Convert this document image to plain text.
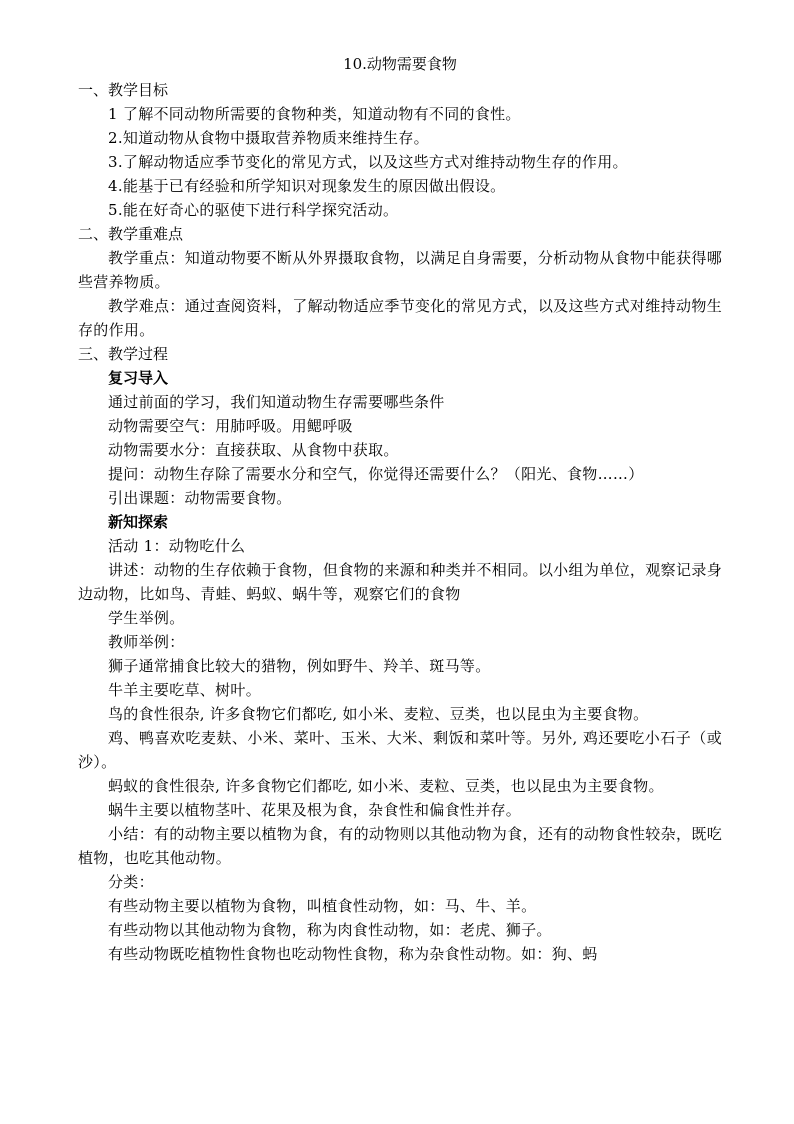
10.动物需要食物

一、教学目标

1 了解不同动物所需要的食物种类，知道动物有不同的食性。

2.知道动物从食物中摄取营养物质来维持生存。

3.了解动物适应季节变化的常见方式，以及这些方式对维持动物生存的作用。

4.能基于已有经验和所学知识对现象发生的原因做出假设。

5.能在好奇心的驱使下进行科学探究活动。

二、教学重难点

教学重点：知道动物要不断从外界摄取食物，以满足自身需要，分析动物从食物中能获得哪些营养物质。

教学难点：通过查阅资料，了解动物适应季节变化的常见方式，以及这些方式对维持动物生存的作用。

三、教学过程

复习导入

通过前面的学习，我们知道动物生存需要哪些条件

动物需要空气：用肺呼吸。用鳃呼吸

动物需要水分：直接获取、从食物中获取。

提问：动物生存除了需要水分和空气，你觉得还需要什么？（阳光、食物……）

引出课题：动物需要食物。

新知探索

活动 1：动物吃什么

讲述：动物的生存依赖于食物，但食物的来源和种类并不相同。以小组为单位，观察记录身边动物，比如鸟、青蛙、蚂蚁、蜗牛等，观察它们的食物

学生举例。

教师举例：

狮子通常捕食比较大的猎物，例如野牛、羚羊、斑马等。

牛羊主要吃草、树叶。

鸟的食性很杂, 许多食物它们都吃, 如小米、麦粒、豆类，也以昆虫为主要食物。

鸡、鸭喜欢吃麦麸、小米、菜叶、玉米、大米、剩饭和菜叶等。另外, 鸡还要吃小石子（或沙）。

蚂蚁的食性很杂, 许多食物它们都吃, 如小米、麦粒、豆类，也以昆虫为主要食物。

蜗牛主要以植物茎叶、花果及根为食，杂食性和偏食性并存。

小结：有的动物主要以植物为食，有的动物则以其他动物为食，还有的动物食性较杂，既吃植物，也吃其他动物。

分类：

有些动物主要以植物为食物，叫植食性动物，如：马、牛、羊。

有些动物以其他动物为食物，称为肉食性动物，如：老虎、狮子。

有些动物既吃植物性食物也吃动物性食物，称为杂食性动物。如：狗、蚂
